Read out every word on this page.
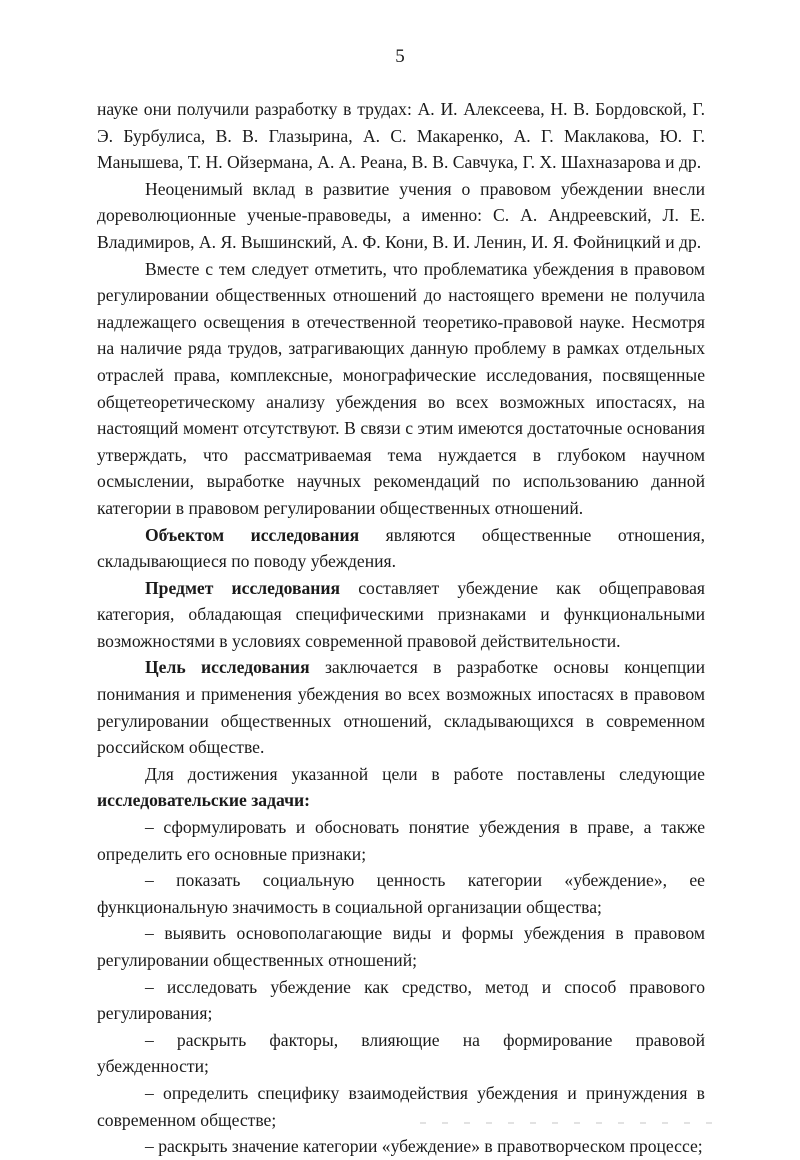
5

науке они получили разработку в трудах: А. И. Алексеева, Н. В. Бордовской, Г. Э. Бурбулиса, В. В. Глазырина, А. С. Макаренко, А. Г. Маклакова, Ю. Г. Манышева, Т. Н. Ойзермана, А. А. Реана, В. В. Савчука, Г. Х. Шахназарова и др.

Неоценимый вклад в развитие учения о правовом убеждении внесли дореволюционные ученые-правоведы, а именно: С. А. Андреевский, Л. Е. Владимиров, А. Я. Вышинский, А. Ф. Кони, В. И. Ленин, И. Я. Фойницкий и др.

Вместе с тем следует отметить, что проблематика убеждения в правовом регулировании общественных отношений до настоящего времени не получила надлежащего освещения в отечественной теоретико-правовой науке. Несмотря на наличие ряда трудов, затрагивающих данную проблему в рамках отдельных отраслей права, комплексные, монографические исследования, посвященные общетеоретическому анализу убеждения во всех возможных ипостасях, на настоящий момент отсутствуют. В связи с этим имеются достаточные основания утверждать, что рассматриваемая тема нуждается в глубоком научном осмыслении, выработке научных рекомендаций по использованию данной категории в правовом регулировании общественных отношений.

Объектом исследования являются общественные отношения, складывающиеся по поводу убеждения.

Предмет исследования составляет убеждение как общеправовая категория, обладающая специфическими признаками и функциональными возможностями в условиях современной правовой действительности.

Цель исследования заключается в разработке основы концепции понимания и применения убеждения во всех возможных ипостасях в правовом регулировании общественных отношений, складывающихся в современном российском обществе.

Для достижения указанной цели в работе поставлены следующие исследовательские задачи:

– сформулировать и обосновать понятие убеждения в праве, а также определить его основные признаки;

– показать социальную ценность категории «убеждение», ее функциональную значимость в социальной организации общества;

– выявить основополагающие виды и формы убеждения в правовом регулировании общественных отношений;

– исследовать убеждение как средство, метод и способ правового регулирования;

– раскрыть факторы, влияющие на формирование правовой убежденности;

– определить специфику взаимодействия убеждения и принуждения в современном обществе;

– раскрыть значение категории «убеждение» в правотворческом процессе;
